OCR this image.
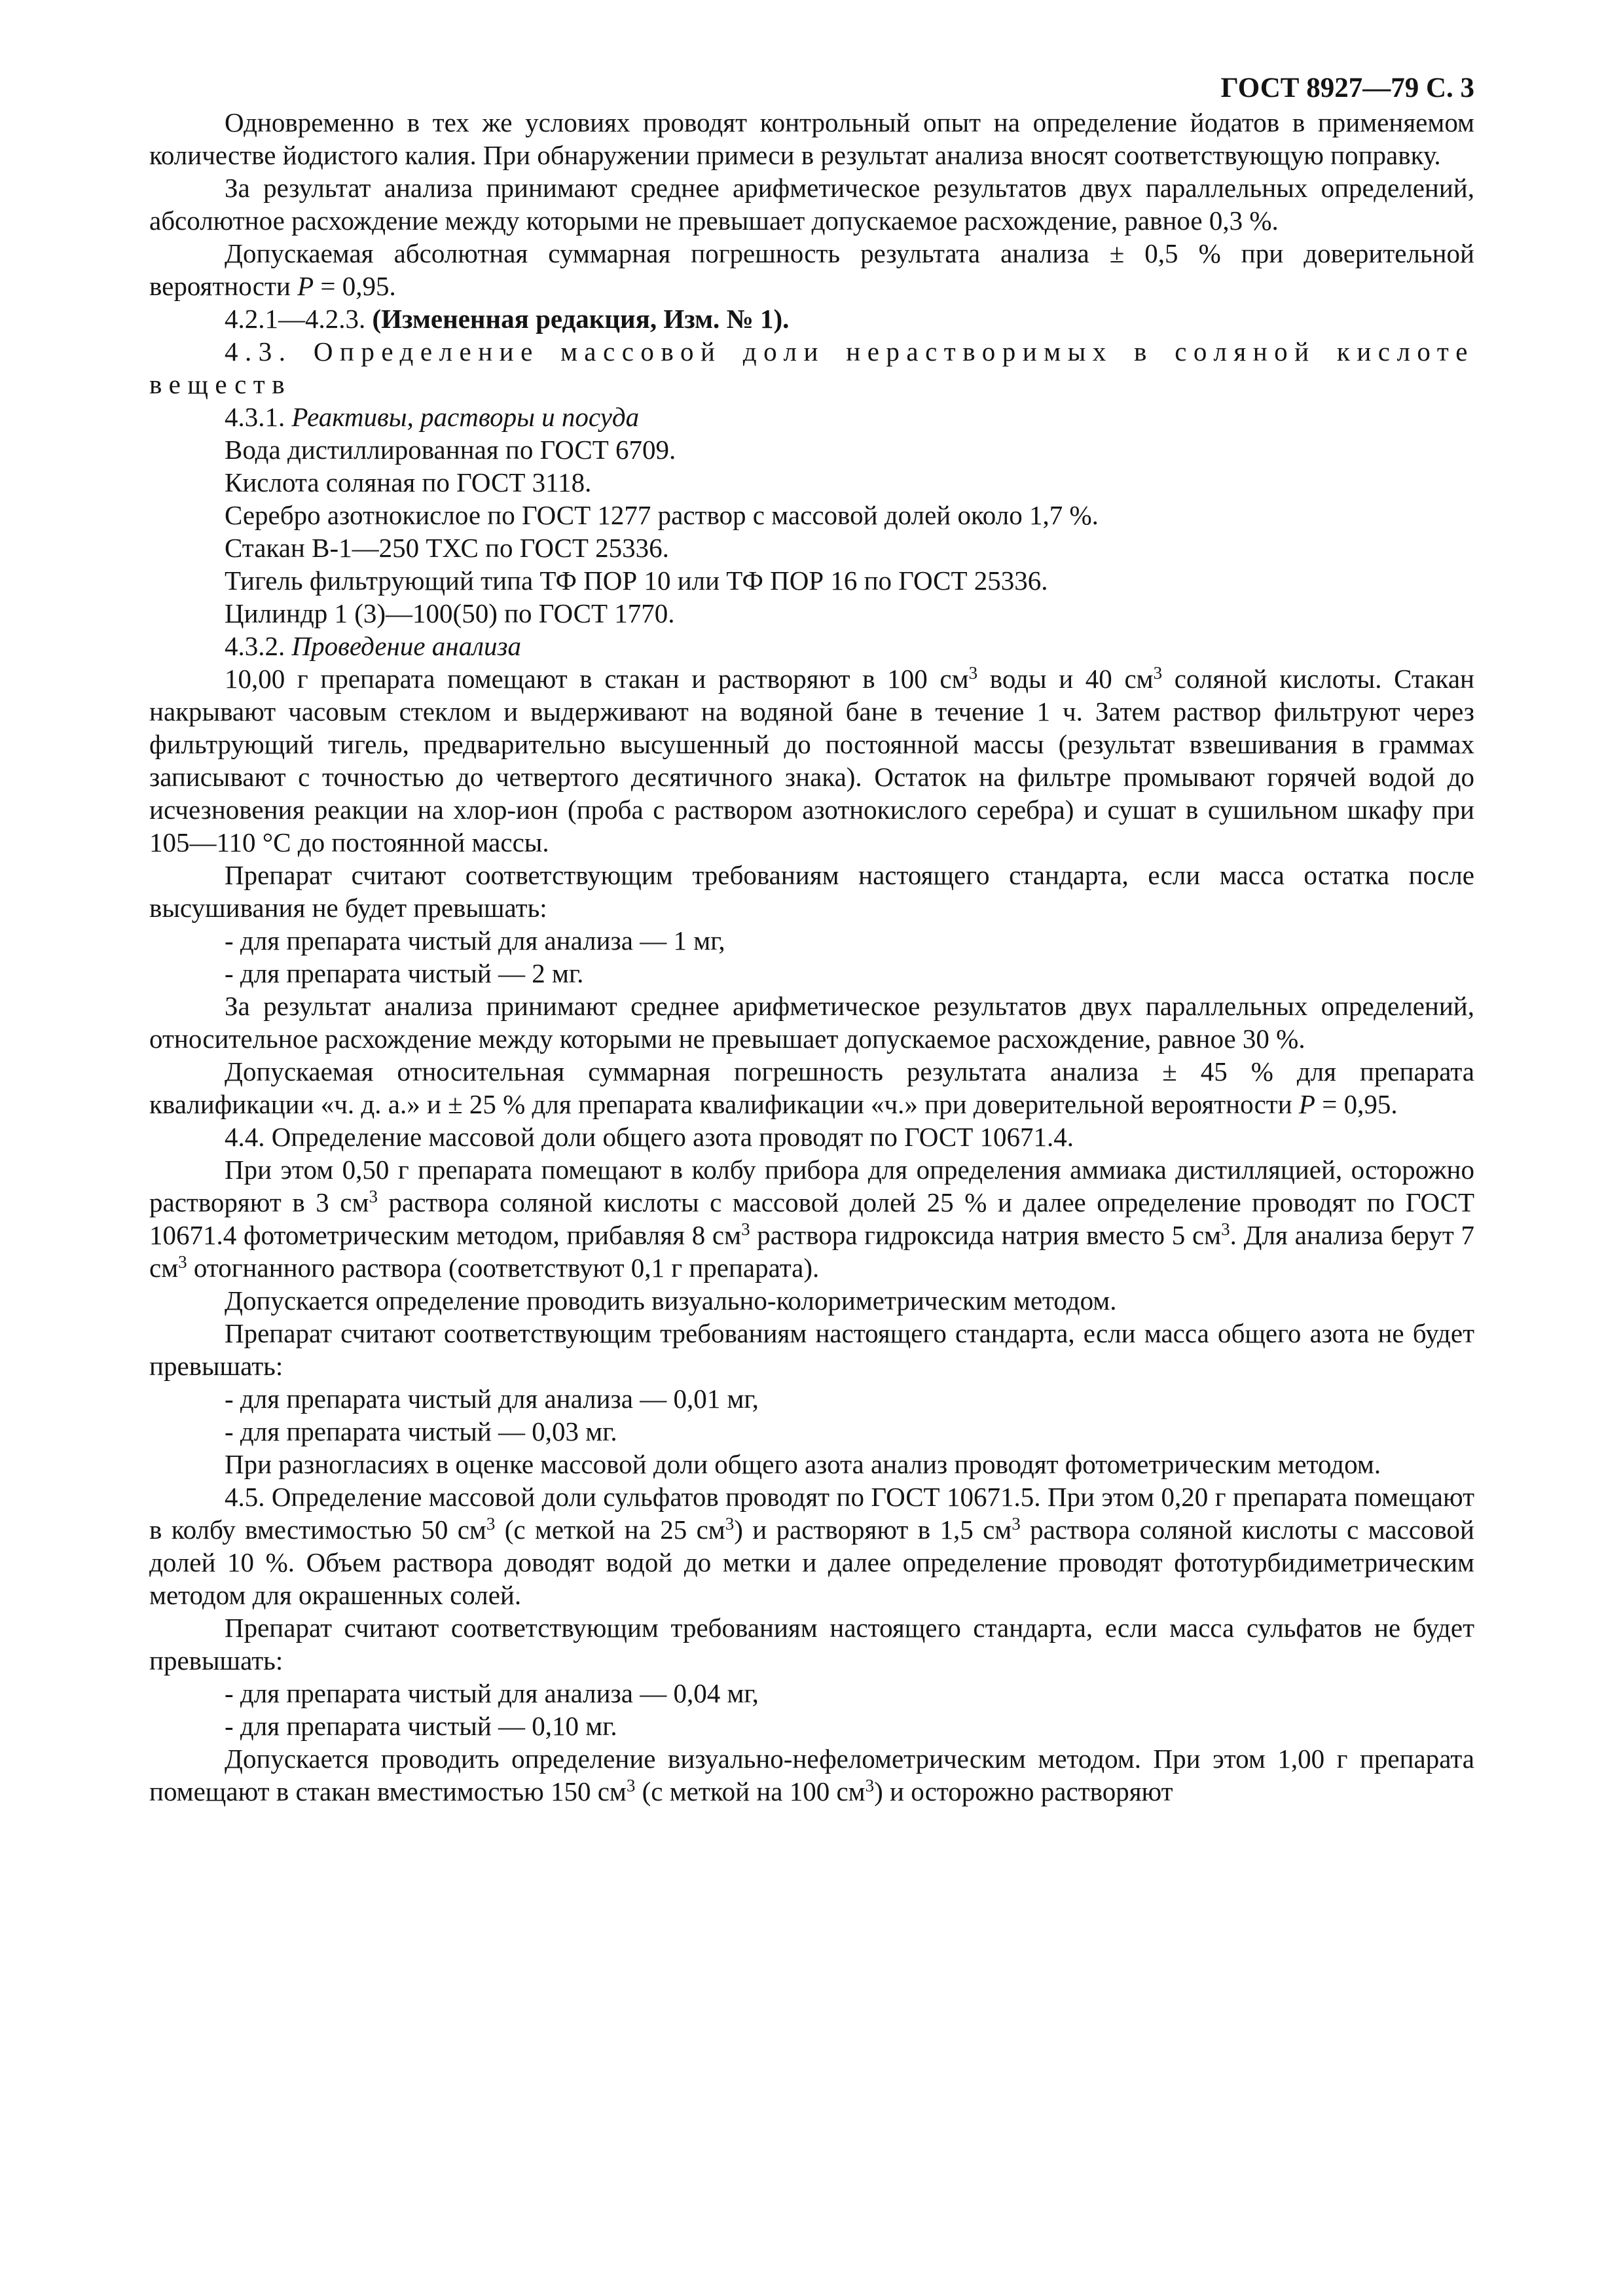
ГОСТ 8927—79 С. 3

Одновременно в тех же условиях проводят контрольный опыт на определение йодатов в применяемом количестве йодистого калия. При обнаружении примеси в результат анализа вносят соответствующую поправку.

За результат анализа принимают среднее арифметическое результатов двух параллельных определений, абсолютное расхождение между которыми не превышает допускаемое расхождение, равное 0,3 %.

Допускаемая абсолютная суммарная погрешность результата анализа ± 0,5 % при доверительной вероятности P = 0,95.

4.2.1—4.2.3. (Измененная редакция, Изм. № 1).

4.3. Определение массовой доли нерастворимых в соляной кислоте веществ

4.3.1. Реактивы, растворы и посуда

Вода дистиллированная по ГОСТ 6709.

Кислота соляная по ГОСТ 3118.

Серебро азотнокислое по ГОСТ 1277 раствор с массовой долей около 1,7 %.

Стакан В-1—250 ТХС по ГОСТ 25336.

Тигель фильтрующий типа ТФ ПОР 10 или ТФ ПОР 16 по ГОСТ 25336.

Цилиндр 1 (3)—100(50) по ГОСТ 1770.

4.3.2. Проведение анализа

10,00 г препарата помещают в стакан и растворяют в 100 $см^3$ воды и 40 $см^3$ соляной кислоты. Стакан накрывают часовым стеклом и выдерживают на водяной бане в течение 1 ч. Затем раствор фильтруют через фильтрующий тигель, предварительно высушенный до постоянной массы (результат взвешивания в граммах записывают с точностью до четвертого десятичного знака). Остаток на фильтре промывают горячей водой до исчезновения реакции на хлор-ион (проба с раствором азотнокислого серебра) и сушат в сушильном шкафу при 105—110 °С до постоянной массы.

Препарат считают соответствующим требованиям настоящего стандарта, если масса остатка после высушивания не будет превышать:

- для препарата чистый для анализа — 1 мг,

- для препарата чистый — 2 мг.

За результат анализа принимают среднее арифметическое результатов двух параллельных определений, относительное расхождение между которыми не превышает допускаемое расхождение, равное 30 %.

Допускаемая относительная суммарная погрешность результата анализа ± 45 % для препарата квалификации «ч. д. а.» и ± 25 % для препарата квалификации «ч.» при доверительной вероятности P = 0,95.

4.4. Определение массовой доли общего азота проводят по ГОСТ 10671.4.

При этом 0,50 г препарата помещают в колбу прибора для определения аммиака дистилляцией, осторожно растворяют в 3 $см^3$ раствора соляной кислоты с массовой долей 25 % и далее определение проводят по ГОСТ 10671.4 фотометрическим методом, прибавляя 8 $см^3$ раствора гидроксида натрия вместо 5 $см^3$. Для анализа берут 7 $см^3$ отогнанного раствора (соответствуют 0,1 г препарата).

Допускается определение проводить визуально-колориметрическим методом.

Препарат считают соответствующим требованиям настоящего стандарта, если масса общего азота не будет превышать:

- для препарата чистый для анализа — 0,01 мг,

- для препарата чистый — 0,03 мг.

При разногласиях в оценке массовой доли общего азота анализ проводят фотометрическим методом.

4.5. Определение массовой доли сульфатов проводят по ГОСТ 10671.5. При этом 0,20 г препарата помещают в колбу вместимостью 50 $см^3$ (с меткой на 25 $см^3$) и растворяют в 1,5 $см^3$ раствора соляной кислоты с массовой долей 10 %. Объем раствора доводят водой до метки и далее определение проводят фототурбидиметрическим методом для окрашенных солей.

Препарат считают соответствующим требованиям настоящего стандарта, если масса сульфатов не будет превышать:

- для препарата чистый для анализа — 0,04 мг,

- для препарата чистый — 0,10 мг.

Допускается проводить определение визуально-нефелометрическим методом. При этом 1,00 г препарата помещают в стакан вместимостью 150 $см^3$ (с меткой на 100 $см^3$) и осторожно растворяют
